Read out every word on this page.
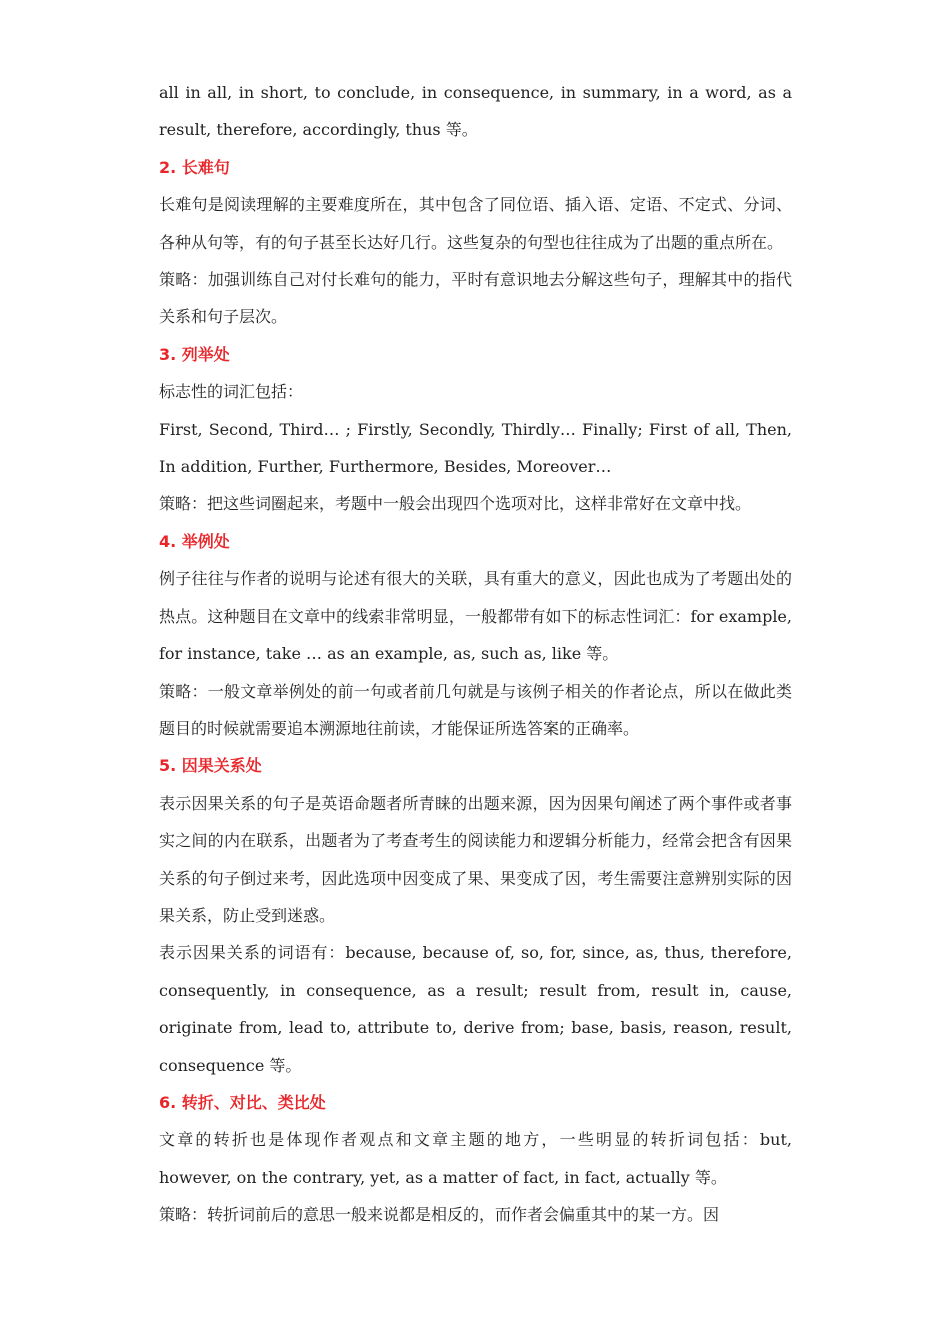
all in all, in short, to conclude, in consequence, in summary, in a word, as a result, therefore, accordingly, thus 等。

2. 长难句

长难句是阅读理解的主要难度所在，其中包含了同位语、插入语、定语、不定式、分词、各种从句等，有的句子甚至长达好几行。这些复杂的句型也往往成为了出题的重点所在。

策略：加强训练自己对付长难句的能力，平时有意识地去分解这些句子，理解其中的指代关系和句子层次。

3. 列举处

标志性的词汇包括：

First, Second, Third… ; Firstly, Secondly, Thirdly… Finally; First of all, Then, In addition, Further, Furthermore, Besides, Moreover…

策略：把这些词圈起来，考题中一般会出现四个选项对比，这样非常好在文章中找。

4. 举例处

例子往往与作者的说明与论述有很大的关联，具有重大的意义，因此也成为了考题出处的热点。这种题目在文章中的线索非常明显，一般都带有如下的标志性词汇：for example, for instance, take … as an example, as, such as, like 等。

策略：一般文章举例处的前一句或者前几句就是与该例子相关的作者论点，所以在做此类题目的时候就需要追本溯源地往前读，才能保证所选答案的正确率。

5. 因果关系处

表示因果关系的句子是英语命题者所青睐的出题来源，因为因果句阐述了两个事件或者事实之间的内在联系，出题者为了考查考生的阅读能力和逻辑分析能力，经常会把含有因果关系的句子倒过来考，因此选项中因变成了果、果变成了因，考生需要注意辨别实际的因果关系，防止受到迷惑。

表示因果关系的词语有：because, because of, so, for, since, as, thus, therefore, consequently, in consequence, as a result; result from, result in, cause, originate from, lead to, attribute to, derive from; base, basis, reason, result, consequence 等。

6. 转折、对比、类比处

文章的转折也是体现作者观点和文章主题的地方，一些明显的转折词包括：but, however, on the contrary, yet, as a matter of fact, in fact, actually 等。

策略：转折词前后的意思一般来说都是相反的，而作者会偏重其中的某一方。因
